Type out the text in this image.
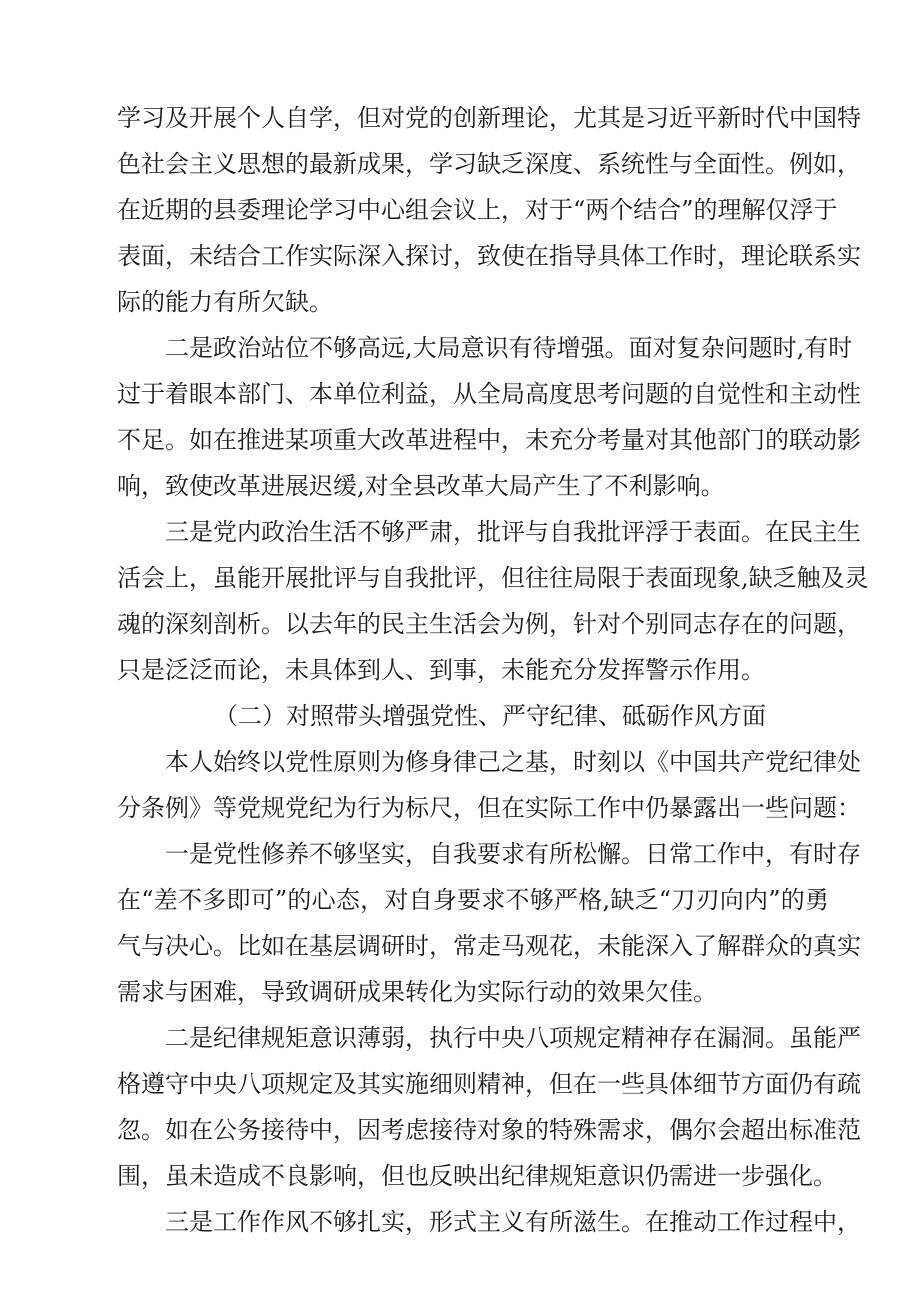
学习及开展个人自学，但对党的创新理论，尤其是习近平新时代中国特
色社会主义思想的最新成果，学习缺乏深度、系统性与全面性。例如，
在近期的县委理论学习中心组会议上，对于“两个结合”的理解仅浮于
表面，未结合工作实际深入探讨，致使在指导具体工作时，理论联系实
际的能力有所欠缺。
二是政治站位不够高远,大局意识有待增强。面对复杂问题时,有时
过于着眼本部门、本单位利益，从全局高度思考问题的自觉性和主动性
不足。如在推进某项重大改革进程中，未充分考量对其他部门的联动影
响，致使改革进展迟缓,对全县改革大局产生了不利影响。
三是党内政治生活不够严肃，批评与自我批评浮于表面。在民主生
活会上，虽能开展批评与自我批评，但往往局限于表面现象,缺乏触及灵
魂的深刻剖析。以去年的民主生活会为例，针对个别同志存在的问题，
只是泛泛而论，未具体到人、到事，未能充分发挥警示作用。
（二）对照带头增强党性、严守纪律、砥砺作风方面
本人始终以党性原则为修身律己之基，时刻以《中国共产党纪律处
分条例》等党规党纪为行为标尺，但在实际工作中仍暴露出一些问题：
一是党性修养不够坚实，自我要求有所松懈。日常工作中，有时存
在“差不多即可”的心态，对自身要求不够严格,缺乏“刀刃向内”的勇
气与决心。比如在基层调研时，常走马观花，未能深入了解群众的真实
需求与困难，导致调研成果转化为实际行动的效果欠佳。
二是纪律规矩意识薄弱，执行中央八项规定精神存在漏洞。虽能严
格遵守中央八项规定及其实施细则精神，但在一些具体细节方面仍有疏
忽。如在公务接待中，因考虑接待对象的特殊需求，偶尔会超出标准范
围，虽未造成不良影响，但也反映出纪律规矩意识仍需进一步强化。
三是工作作风不够扎实，形式主义有所滋生。在推动工作过程中，
